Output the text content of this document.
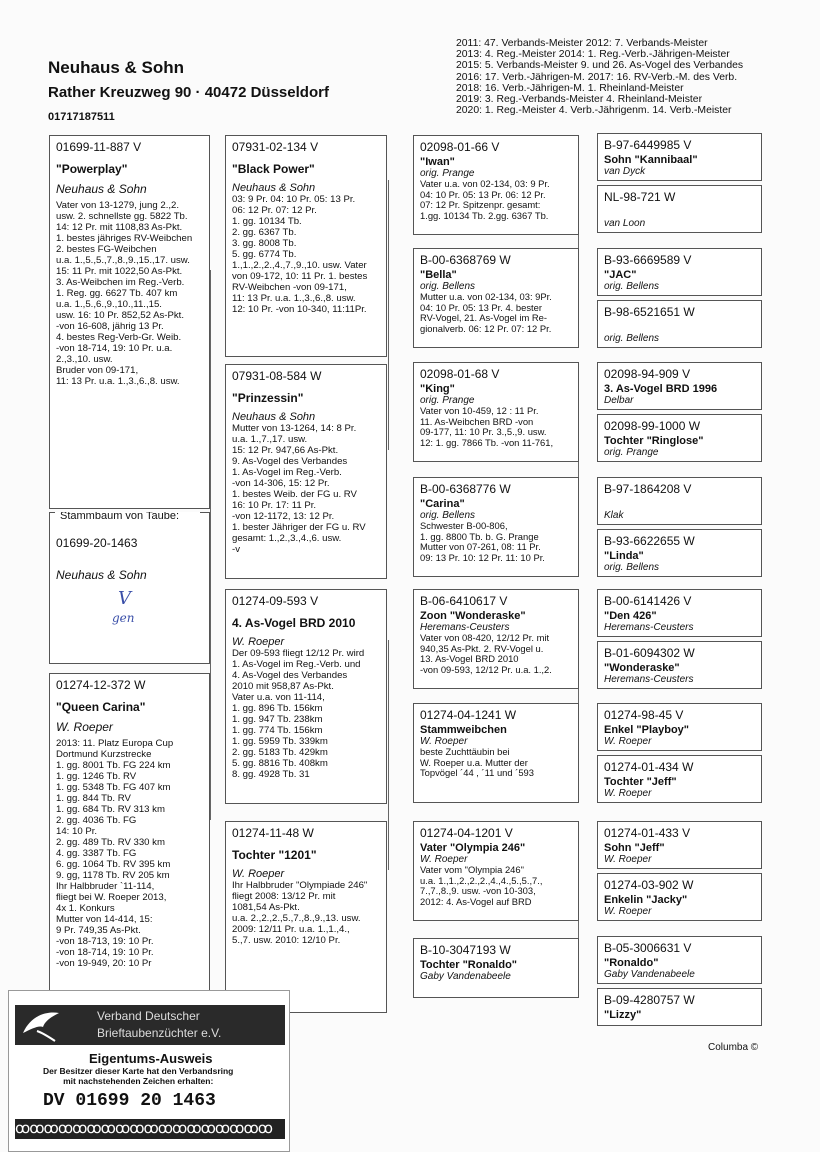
Neuhaus & Sohn
Rather Kreuzweg 90 · 40472 Düsseldorf
01717187511
2011: 47. Verbands-Meister 2012: 7. Verbands-Meister
2013: 4. Reg.-Meister 2014: 1. Reg.-Verb.-Jährigen-Meister
2015: 5. Verbands-Meister 9. und 26. As-Vogel des Verbandes
2016: 17. Verb.-Jährigen-M. 2017: 16. RV-Verb.-M. des Verb.
2018: 16. Verb.-Jährigen-M. 1. Rheinland-Meister
2019: 3. Reg.-Verbands-Meister 4. Rheinland-Meister
2020: 1. Reg.-Meister 4. Verb.-Jährigenm. 14. Verb.-Meister
01699-11-887 V
"Powerplay"
Neuhaus & Sohn
Vater von 13-1279, jung 2.,2.
usw. 2. schnellste gg. 5822 Tb.
14: 12 Pr. mit 1108,83 As-Pkt.
1. bestes jähriges RV-Weibchen
2. bestes FG-Weibchen
u.a. 1.,5.,5.,7.,8.,9.,15.,17. usw.
15: 11 Pr. mit 1022,50 As-Pkt.
3. As-Weibchen im Reg.-Verb.
1. Reg. gg. 6627 Tb. 407 km
u.a. 1.,5.,6.,9.,10.,11.,15.
usw. 16: 10 Pr. 852,52 As-Pkt.
-von 16-608, jährig 13 Pr.
4. bestes Reg-Verb-Gr. Weib.
-von 18-714, 19: 10 Pr. u.a.
2.,3.,10. usw.
Bruder von 09-171,
11: 13 Pr. u.a. 1.,3.,6.,8. usw.
Stammbaum von Taube:
01699-20-1463
Neuhaus & Sohn
V
gen
01274-12-372 W
"Queen Carina"
W. Roeper
2013: 11. Platz Europa Cup
Dortmund Kurzstrecke
1. gg. 8001 Tb. FG 224 km
1. gg. 1246 Tb. RV
1. gg. 5348 Tb. FG 407 km
1. gg. 844 Tb. RV
1. gg. 684 Tb. RV 313 km
2. gg. 4036 Tb. FG
14: 10 Pr.
2. gg. 489 Tb. RV 330 km
4. gg. 3387 Tb. FG
6. gg. 1064 Tb. RV 395 km
9. gg, 1178 Tb. RV 205 km
Ihr Halbbruder `11-114,
fliegt bei W. Roeper 2013,
4x 1. Konkurs
Mutter von 14-414, 15:
9 Pr. 749,35 As-Pkt.
-von 18-713, 19: 10 Pr.
-von 18-714, 19: 10 Pr.
-von 19-949, 20: 10 Pr
07931-02-134 V
"Black Power"
Neuhaus & Sohn
03: 9 Pr. 04: 10 Pr. 05: 13 Pr.
06: 12 Pr. 07: 12 Pr.
1. gg. 10134 Tb.
2. gg. 6367 Tb.
3. gg. 8008 Tb.
5. gg. 6774 Tb.
1.,1.,2.,2.,4.,7.,9.,10. usw. Vater
von 09-172, 10: 11 Pr. 1. bestes
RV-Weibchen -von 09-171,
11: 13 Pr. u.a. 1.,3.,6.,8. usw.
12: 10 Pr. -von 10-340, 11:11Pr.
07931-08-584 W
"Prinzessin"
Neuhaus & Sohn
Mutter von 13-1264, 14: 8 Pr.
u.a. 1.,7.,17. usw.
15: 12 Pr. 947,66 As-Pkt.
9. As-Vogel des Verbandes
1. As-Vogel im Reg.-Verb.
-von 14-306, 15: 12 Pr.
1. bestes Weib. der FG u. RV
16: 10 Pr. 17: 11 Pr.
-von 12-1172, 13: 12 Pr.
1. bester Jähriger der FG u. RV
gesamt: 1.,2.,3.,4.,6. usw.
-v
01274-09-593 V
4. As-Vogel BRD 2010
W. Roeper
Der 09-593 fliegt 12/12 Pr. wird
1. As-Vogel im Reg.-Verb. und
4. As-Vogel des Verbandes
2010 mit 958,87 As-Pkt.
Vater u.a. von 11-114,
1. gg. 896 Tb. 156km
1. gg. 947 Tb. 238km
1. gg. 774 Tb. 156km
1. gg. 5959 Tb. 339km
2. gg. 5183 Tb. 429km
5. gg. 8816 Tb. 408km
8. gg. 4928 Tb. 31
01274-11-48 W
Tochter "1201"
W. Roeper
Ihr Halbbruder "Olympiade 246"
fliegt 2008: 13/12 Pr. mit
1081,54 As-Pkt.
u.a. 2.,2.,2.,5.,7.,8.,9.,13. usw.
2009: 12/11 Pr. u.a. 1.,1.,4.,
5.,7. usw. 2010: 12/10 Pr.
02098-01-66 V
"Iwan"
orig. Prange
Vater u.a. von 02-134, 03: 9 Pr.
04: 10 Pr. 05: 13 Pr. 06: 12 Pr.
07: 12 Pr. Spitzenpr. gesamt:
1.gg. 10134 Tb. 2.gg. 6367 Tb.
B-00-6368769 W
"Bella"
orig. Bellens
Mutter u.a. von 02-134, 03: 9Pr.
04: 10 Pr. 05: 13 Pr. 4. bester
RV-Vogel, 21. As-Vogel im Re-
gionalverb. 06: 12 Pr. 07: 12 Pr.
02098-01-68 V
"King"
orig. Prange
Vater von 10-459, 12 : 11 Pr.
11. As-Weibchen BRD -von
09-177, 11: 10 Pr. 3.,5.,9. usw.
12: 1. gg. 7866 Tb. -von 11-761,
B-00-6368776 W
"Carina"
orig. Bellens
Schwester B-00-806,
1. gg. 8800 Tb. b. G. Prange
Mutter von 07-261, 08: 11 Pr.
09: 13 Pr. 10: 12 Pr. 11: 10 Pr.
B-06-6410617 V
Zoon "Wonderaske"
Heremans-Ceusters
Vater von 08-420, 12/12 Pr. mit
940,35 As-Pkt. 2. RV-Vogel u.
13. As-Vogel BRD 2010
-von 09-593, 12/12 Pr. u.a. 1.,2.
01274-04-1241 W
Stammweibchen
W. Roeper
beste Zuchttäubin bei
W. Roeper u.a. Mutter der
Topvögel ´44 , ´11 und ´593
01274-04-1201 V
Vater "Olympia 246"
W. Roeper
Vater vom "Olympia 246"
u.a. 1.,1.,2.,2.,2.,4.,4.,5.,5.,7.,
7.,7.,8.,9. usw. -von 10-303,
2012: 4. As-Vogel auf BRD
B-10-3047193 W
Tochter "Ronaldo"
Gaby Vandenabeele
B-97-6449985 V
Sohn "Kannibaal"
van Dyck
NL-98-721 W
van Loon
B-93-6669589 V
"JAC"
orig. Bellens
B-98-6521651 W
orig. Bellens
02098-94-909 V
3. As-Vogel BRD 1996
Delbar
02098-99-1000 W
Tochter "Ringlose"
orig. Prange
B-97-1864208 V
Klak
B-93-6622655 W
"Linda"
orig. Bellens
B-00-6141426 V
"Den 426"
Heremans-Ceusters
B-01-6094302 W
"Wonderaske"
Heremans-Ceusters
01274-98-45 V
Enkel "Playboy"
W. Roeper
01274-01-434 W
Tochter "Jeff"
W. Roeper
01274-01-433 V
Sohn "Jeff"
W. Roeper
01274-03-902 W
Enkelin "Jacky"
W. Roeper
B-05-3006631 V
"Ronaldo"
Gaby Vandenabeele
B-09-4280757 W
"Lizzy"
Columba ©
Verband Deutscher
Brieftaubenzüchter e.V.
Eigentums-Ausweis
Der Besitzer dieser Karte hat den Verbandsring
mit nachstehenden Zeichen erhalten:
DV 01699 20 1463
ꝏꝏꝏꝏꝏꝏꝏꝏꝏꝏꝏꝏꝏꝏꝏꝏꝏꝏ
